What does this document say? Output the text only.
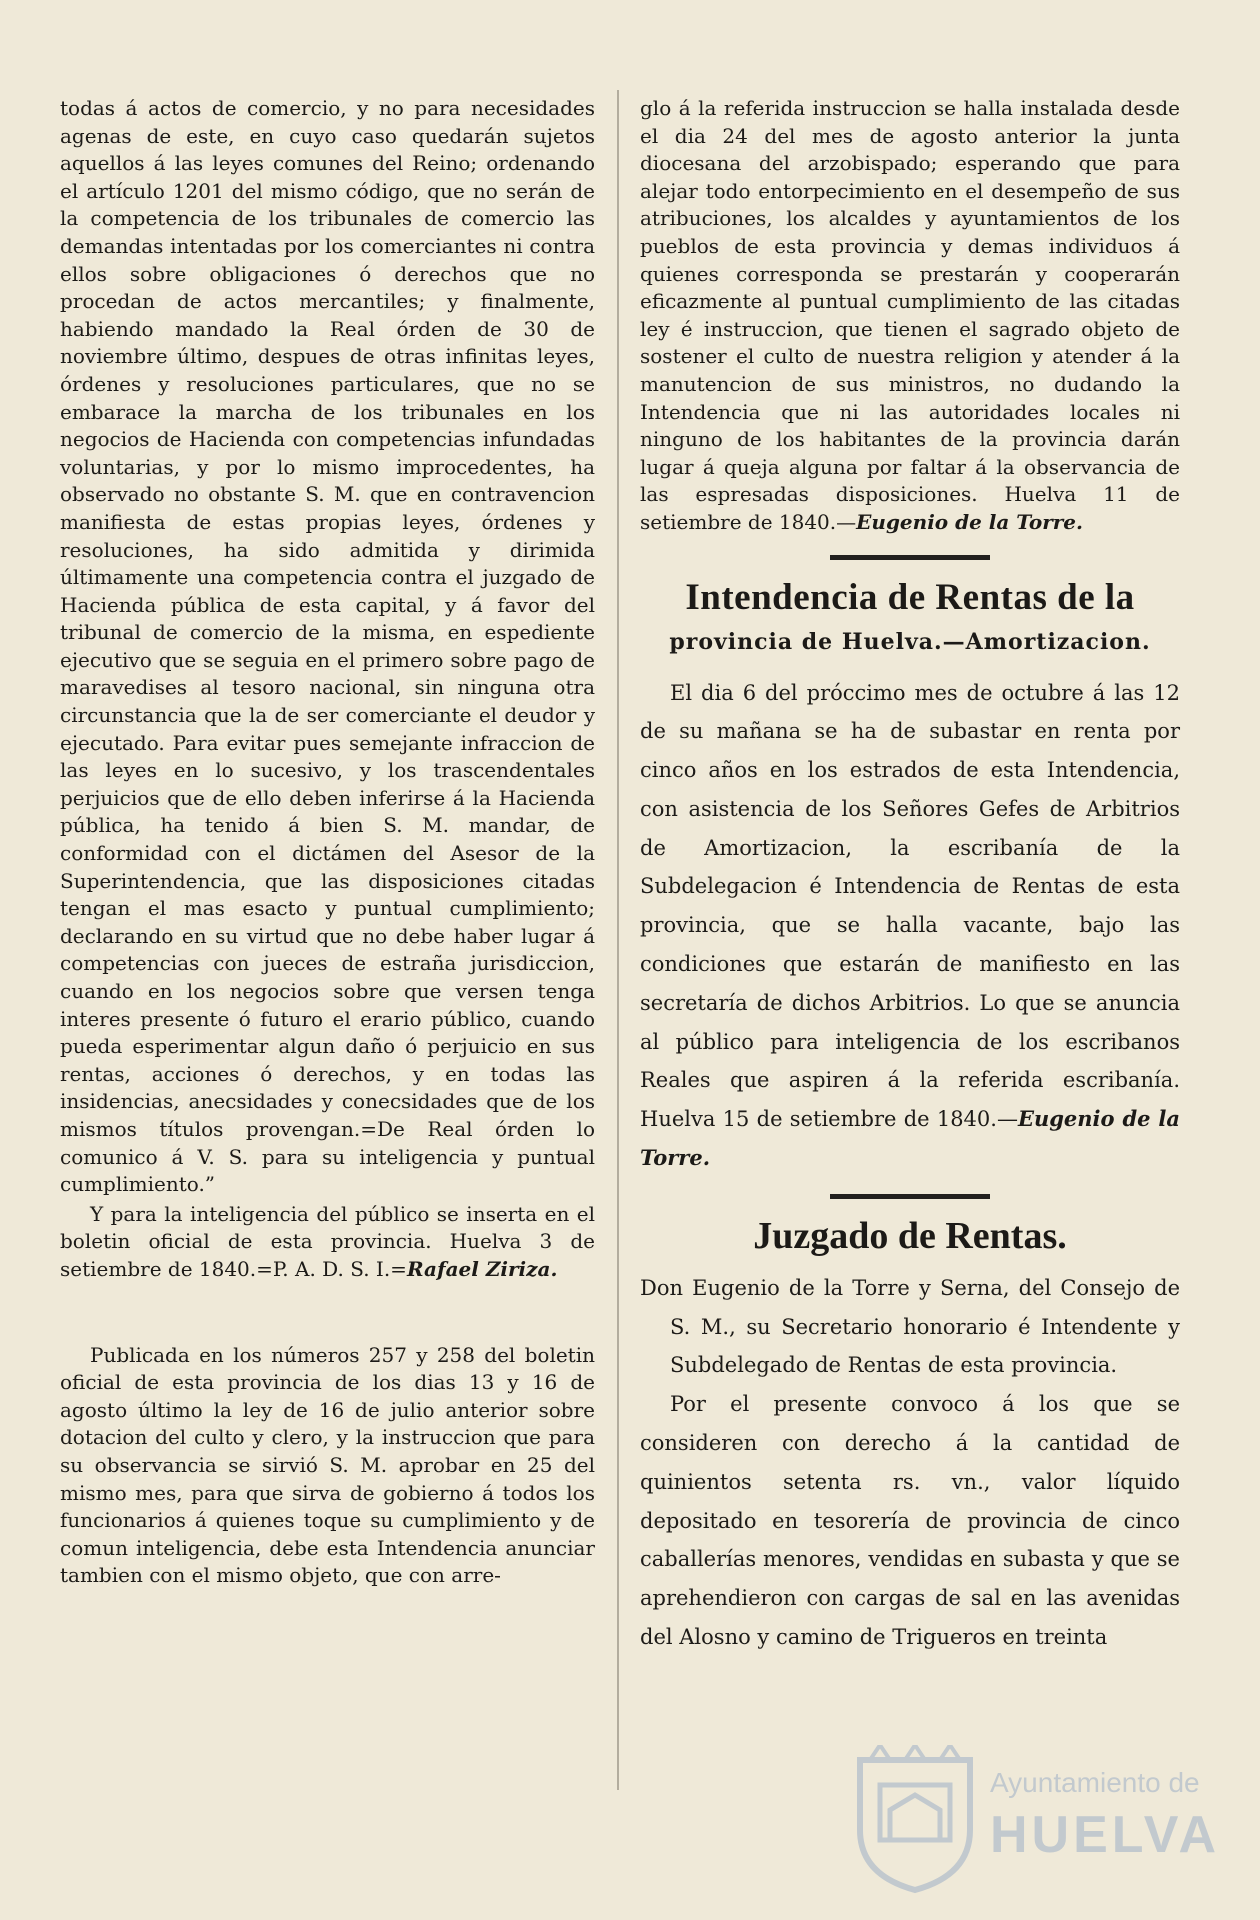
todas á actos de comercio, y no para necesidades agenas de este, en cuyo caso quedarán sujetos aquellos á las leyes comunes del Reino; ordenando el artículo 1201 del mismo código, que no serán de la competencia de los tribunales de comercio las demandas intentadas por los comerciantes ni contra ellos sobre obligaciones ó derechos que no procedan de actos mercantiles; y finalmente, habiendo mandado la Real órden de 30 de noviembre último, despues de otras infinitas leyes, órdenes y resoluciones particulares, que no se embarace la marcha de los tribunales en los negocios de Hacienda con competencias infundadas voluntarias, y por lo mismo improcedentes, ha observado no obstante S. M. que en contravencion manifiesta de estas propias leyes, órdenes y resoluciones, ha sido admitida y dirimida últimamente una competencia contra el juzgado de Hacienda pública de esta capital, y á favor del tribunal de comercio de la misma, en espediente ejecutivo que se seguia en el primero sobre pago de maravedises al tesoro nacional, sin ninguna otra circunstancia que la de ser comerciante el deudor y ejecutado. Para evitar pues semejante infraccion de las leyes en lo sucesivo, y los trascendentales perjuicios que de ello deben inferirse á la Hacienda pública, ha tenido á bien S. M. mandar, de conformidad con el dictámen del Asesor de la Superintendencia, que las disposiciones citadas tengan el mas esacto y puntual cumplimiento; declarando en su virtud que no debe haber lugar á competencias con jueces de estraña jurisdiccion, cuando en los negocios sobre que versen tenga interes presente ó futuro el erario público, cuando pueda esperimentar algun daño ó perjuicio en sus rentas, acciones ó derechos, y en todas las insidencias, anecsidades y conecsidades que de los mismos títulos provengan.=De Real órden lo comunico á V. S. para su inteligencia y puntual cumplimiento.”

Y para la inteligencia del público se inserta en el boletin oficial de esta provincia. Huelva 3 de setiembre de 1840.=P. A. D. S. I.=Rafael Ziriza.

Publicada en los números 257 y 258 del boletin oficial de esta provincia de los dias 13 y 16 de agosto último la ley de 16 de julio anterior sobre dotacion del culto y clero, y la instruccion que para su observancia se sirvió S. M. aprobar en 25 del mismo mes, para que sirva de gobierno á todos los funcionarios á quienes toque su cumplimiento y de comun inteligencia, debe esta Intendencia anunciar tambien con el mismo objeto, que con arre-

glo á la referida instruccion se halla instalada desde el dia 24 del mes de agosto anterior la junta diocesana del arzobispado; esperando que para alejar todo entorpecimiento en el desempeño de sus atribuciones, los alcaldes y ayuntamientos de los pueblos de esta provincia y demas individuos á quienes corresponda se prestarán y cooperarán eficazmente al puntual cumplimiento de las citadas ley é instruccion, que tienen el sagrado objeto de sostener el culto de nuestra religion y atender á la manutencion de sus ministros, no dudando la Intendencia que ni las autoridades locales ni ninguno de los habitantes de la provincia darán lugar á queja alguna por faltar á la observancia de las espresadas disposiciones. Huelva 11 de setiembre de 1840.—Eugenio de la Torre.

Intendencia de Rentas de la
provincia de Huelva.—Amortizacion.

El dia 6 del próccimo mes de octubre á las 12 de su mañana se ha de subastar en renta por cinco años en los estrados de esta Intendencia, con asistencia de los Señores Gefes de Arbitrios de Amortizacion, la escribanía de la Subdelegacion é Intendencia de Rentas de esta provincia, que se halla vacante, bajo las condiciones que estarán de manifiesto en las secretaría de dichos Arbitrios. Lo que se anuncia al público para inteligencia de los escribanos Reales que aspiren á la referida escribanía. Huelva 15 de setiembre de 1840.—Eugenio de la Torre.

Juzgado de Rentas.

Don Eugenio de la Torre y Serna, del Consejo de S. M., su Secretario honorario é Intendente y Subdelegado de Rentas de esta provincia.

Por el presente convoco á los que se consideren con derecho á la cantidad de quinientos setenta rs. vn., valor líquido depositado en tesorería de provincia de cinco caballerías menores, vendidas en subasta y que se aprehendieron con cargas de sal en las avenidas del Alosno y camino de Trigueros en treinta

Ayuntamiento de
HUELVA
